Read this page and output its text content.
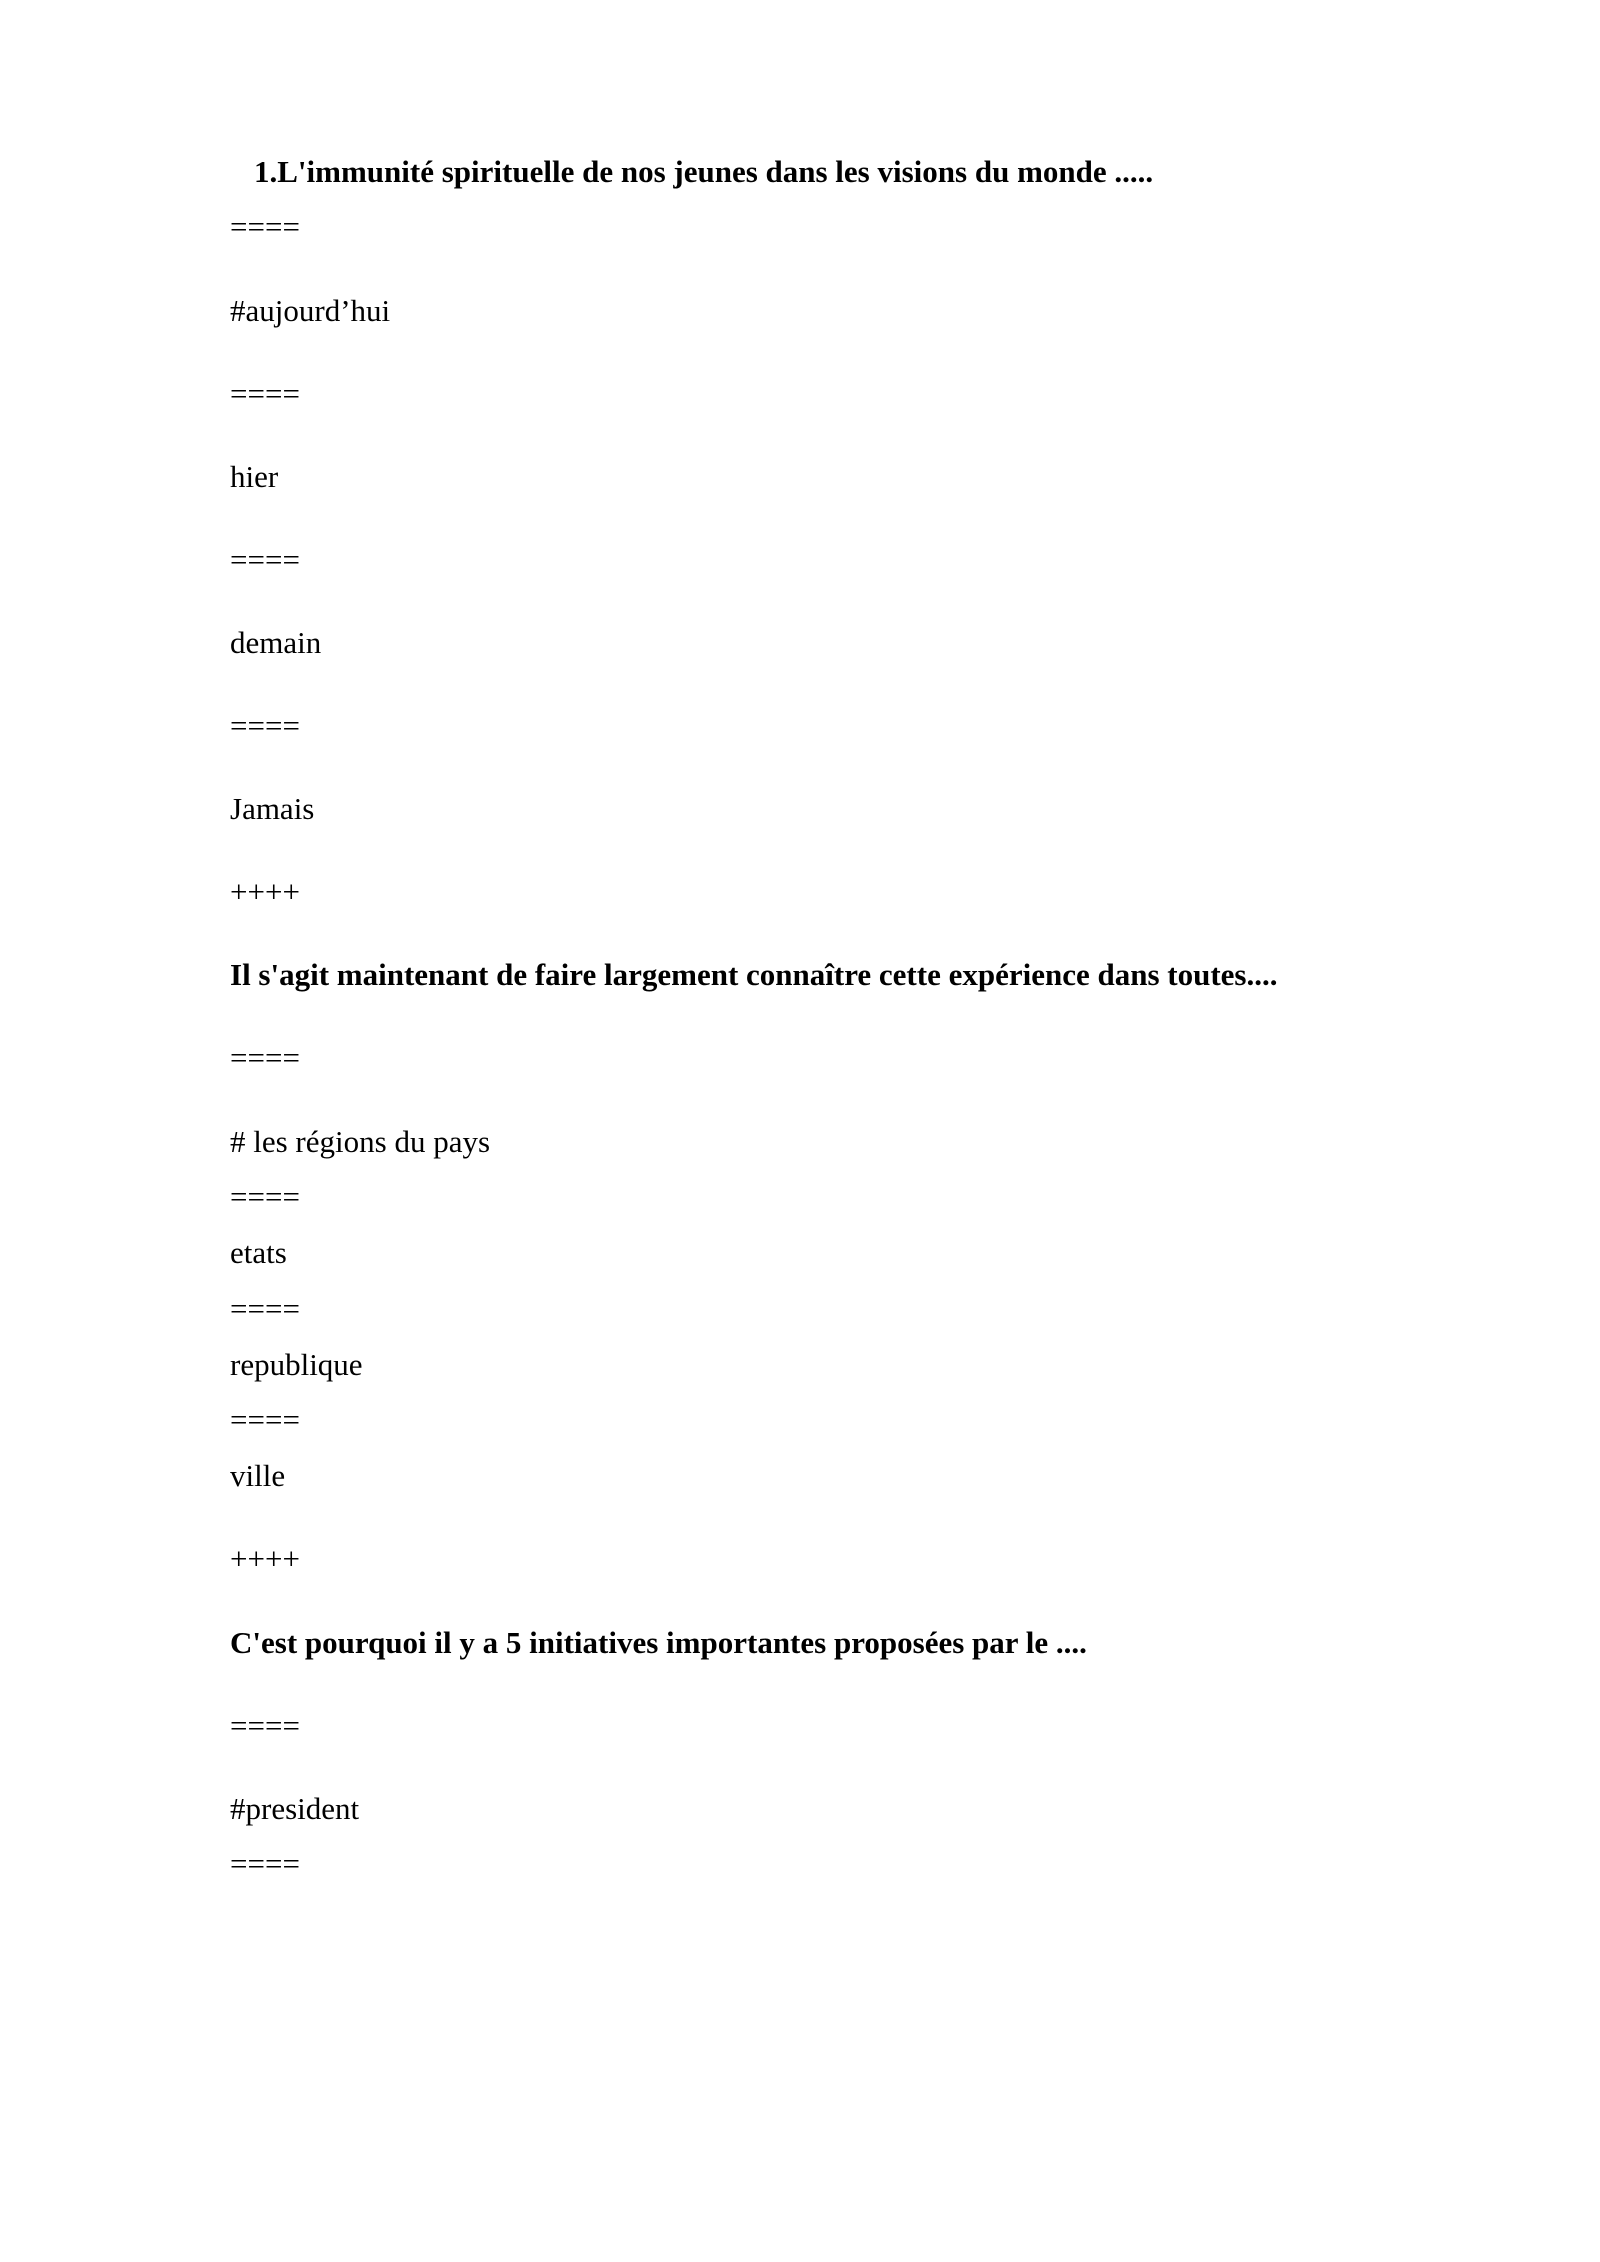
1.L'immunité spirituelle de nos jeunes dans les visions du monde .....

====

#aujourd’hui

====

hier

====

demain

====

Jamais

++++

Il s'agit maintenant de faire largement connaître cette expérience dans toutes....

====

# les régions du pays

====

etats

====

republique

====

ville

++++

C'est pourquoi il y a 5 initiatives importantes proposées par le ....

====

#president

====
